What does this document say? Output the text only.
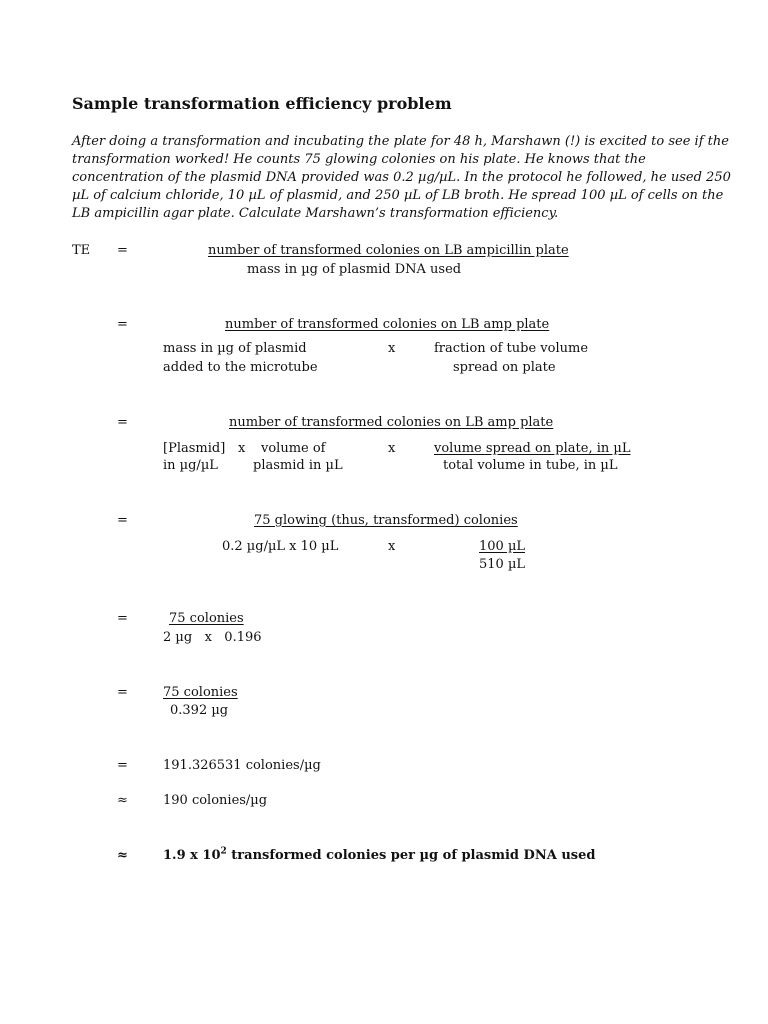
Sample transformation efficiency problem
After doing a transformation and incubating the plate for 48 h, Marshawn (!) is excited to see if the
transformation worked! He counts 75 glowing colonies on his plate. He knows that the
concentration of the plasmid DNA provided was 0.2 µg/µL. In the protocol he followed, he used 250
µL of calcium chloride, 10 µL of plasmid, and 250 µL of LB broth. He spread 100 µL of cells on the
LB ampicillin agar plate. Calculate Marshawn’s transformation efficiency.
TE =	number of transformed colonies on LB ampicillin plate
mass in µg of plasmid DNA used
=	number of transformed colonies on LB amp plate
mass in µg of plasmid
added to the microtube
x	fraction of tube volume
spread on plate
=	number of transformed colonies on LB amp plate
[Plasmid]
in µg/µL
x volume of
plasmid in µL
x	volume spread on plate, in µL
total volume in tube, in µL
=	75 glowing (thus, transformed) colonies
0.2 µg/µL x 10 µL	x	100 µL
510 µL
=	75 colonies
2 µg   x   0.196
=	75 colonies
0.392 µg
=	191.326531 colonies/µg
≈	190 colonies/µg
≈	1.9 x $10^2$ transformed colonies per µg of plasmid DNA used
